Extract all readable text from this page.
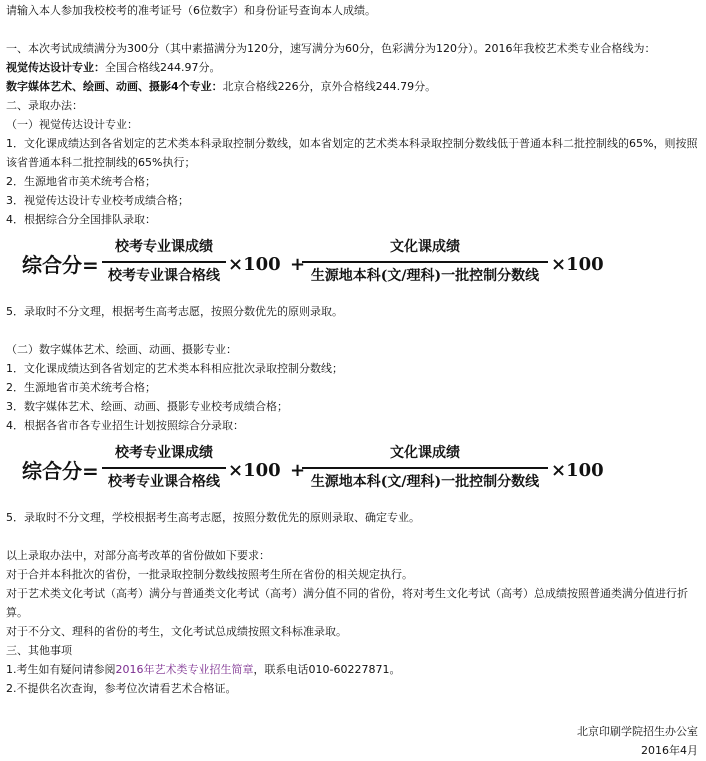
请输入本人参加我校校考的准考证号（6位数字）和身份证号查询本人成绩。
一、本次考试成绩满分为300分（其中素描满分为120分，速写满分为60分，色彩满分为120分）。2016年我校艺术类专业合格线为：
视觉传达设计专业：全国合格线244.97分。
数字媒体艺术、绘画、动画、摄影4个专业：北京合格线226分，京外合格线244.79分。
二、录取办法：
（一）视觉传达设计专业：
1．文化课成绩达到各省划定的艺术类本科录取控制分数线，如本省划定的艺术类本科录取控制分数线低于普通本科二批控制线的65%，则按照该省普通本科二批控制线的65%执行；
2．生源地省市美术统考合格；
3．视觉传达设计专业校考成绩合格；
4．根据综合分全国排队录取：
综合分=
校考专业课成绩
校考专业课合格线
×100 +
文化课成绩
生源地本科(文/理科)一批控制分数线
×100
5．录取时不分文理，根据考生高考志愿，按照分数优先的原则录取。
（二）数字媒体艺术、绘画、动画、摄影专业：
1．文化课成绩达到各省划定的艺术类本科相应批次录取控制分数线；
2．生源地省市美术统考合格；
3．数字媒体艺术、绘画、动画、摄影专业校考成绩合格；
4．根据各省市各专业招生计划按照综合分录取：
综合分=
校考专业课成绩
校考专业课合格线
×100 +
文化课成绩
生源地本科(文/理科)一批控制分数线
×100
5．录取时不分文理，学校根据考生高考志愿，按照分数优先的原则录取、确定专业。
以上录取办法中，对部分高考改革的省份做如下要求：
对于合并本科批次的省份，一批录取控制分数线按照考生所在省份的相关规定执行。
对于艺术类文化考试（高考）满分与普通类文化考试（高考）满分值不同的省份，将对考生文化考试（高考）总成绩按照普通类满分值进行折算。
对于不分文、理科的省份的考生，文化考试总成绩按照文科标准录取。
三、其他事项
1.考生如有疑问请参阅2016年艺术类专业招生简章，联系电话010-60227871。
2.不提供名次查询，参考位次请看艺术合格证。
北京印刷学院招生办公室
2016年4月
